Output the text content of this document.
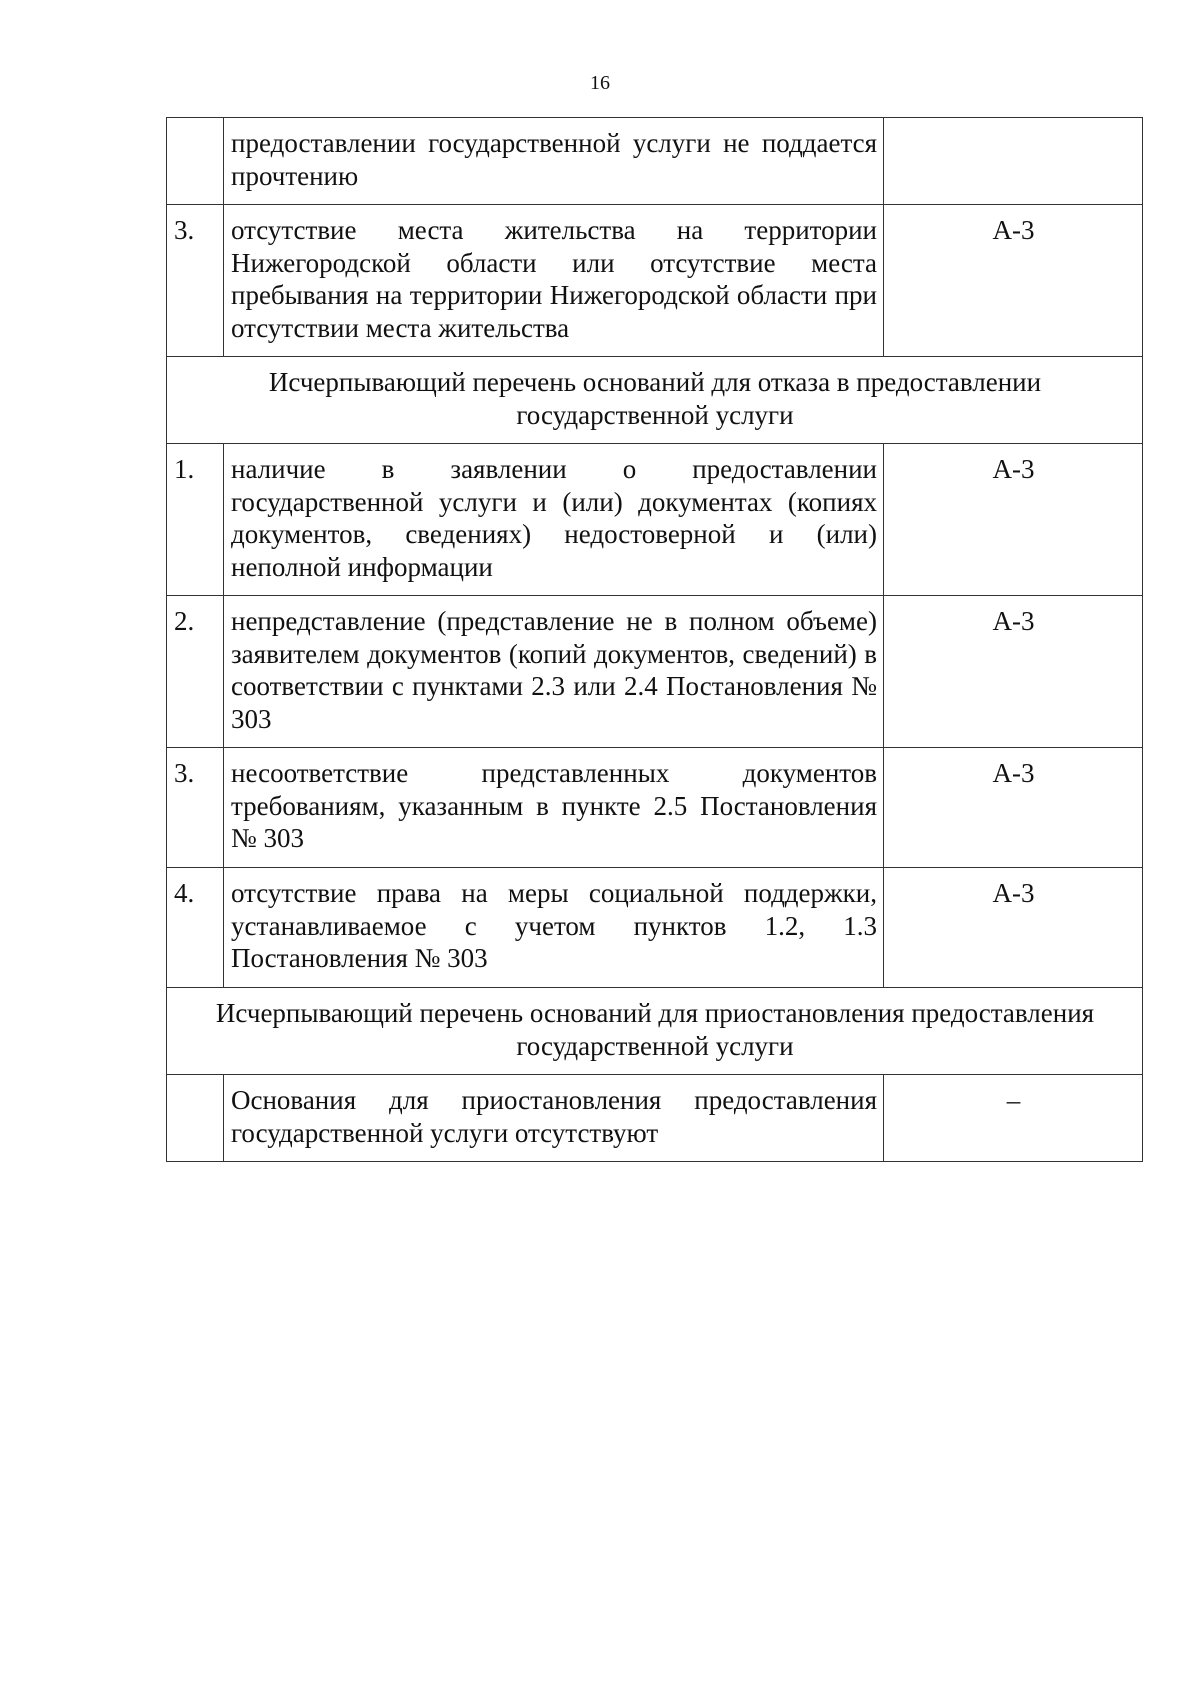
16
	предоставлении государственной услуги не поддается прочтению	
3.	отсутствие места жительства на территории Нижегородской области или отсутствие места пребывания на территории Нижегородской области при отсутствии места жительства	А-3
Исчерпывающий перечень оснований для отказа в предоставлении государственной услуги		
1.	наличие в заявлении о предоставлении государственной услуги и (или) документах (копиях документов, сведениях) недостоверной и (или) неполной информации	А-3
2.	непредставление (представление не в полном объеме) заявителем документов (копий документов, сведений) в соответствии с пунктами 2.3 или 2.4 Постановления № 303	А-3
3.	несоответствие представленных документов требованиям, указанным в пункте 2.5 Постановления № 303	А-3
4.	отсутствие права на меры социальной поддержки, устанавливаемое с учетом пунктов 1.2, 1.3 Постановления № 303	А-3
Исчерпывающий перечень оснований для приостановления предоставления государственной услуги		
	Основания для приостановления предоставления государственной услуги отсутствуют	–
